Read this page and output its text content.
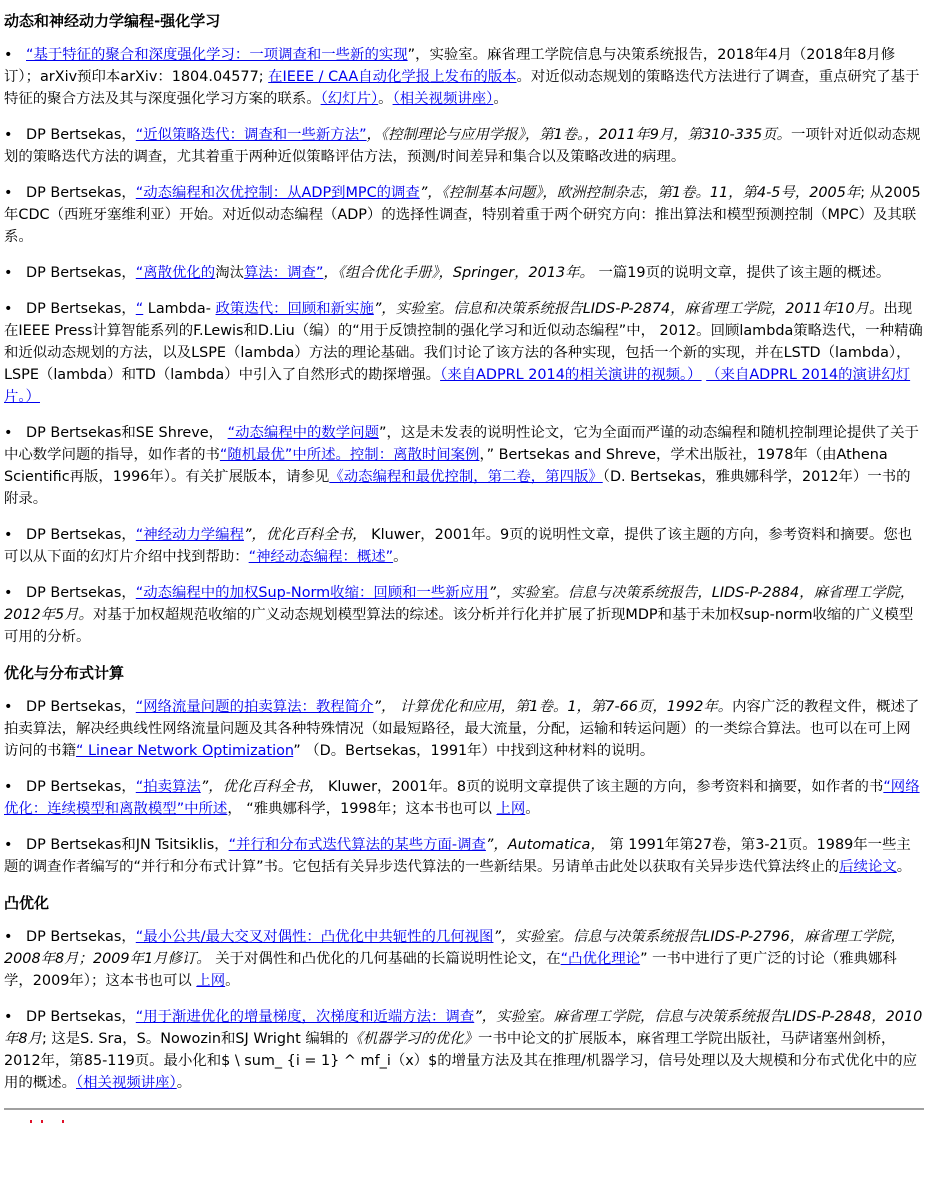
动态和神经动力学编程-强化学习
• “基于特征的聚合和深度强化学习：一项调查和一些新的实现”，实验室。麻省理工学院信息与决策系统报告，2018年4月（2018年8月修订）；arXiv预印本arXiv：1804.04577; 在IEEE / CAA自动化学报上发布的版本。对近似动态规划的策略迭代方法进行了调查，重点研究了基于特征的聚合方法及其与深度强化学习方案的联系。（幻灯片）。（相关视频讲座）。
• DP Bertsekas，“近似策略迭代：调查和一些新方法”，《控制理论与应用学报》，第1卷。，2011年9月，第310-335页。一项针对近似动态规划的策略迭代方法的调查，尤其着重于两种近似策略评估方法，预测/时间差异和集合以及策略改进的病理。
• DP Bertsekas，“动态编程和次优控制：从ADP到MPC的调查”，《控制基本问题》，欧洲控制杂志，第1卷。11，第4-5号，2005年; 从2005年CDC（西班牙塞维利亚）开始。对近似动态编程（ADP）的选择性调查，特别着重于两个研究方向：推出算法和模型预测控制（MPC）及其联系。
• DP Bertsekas，“离散优化的淘汰算法：调查”，《组合优化手册》，Springer，2013年。 一篇19页的说明文章，提供了该主题的概述。
• DP Bertsekas，“ Lambda- 政策迭代：回顾和新实施”，实验室。信息和决策系统报告LIDS-P-2874，麻省理工学院，2011年10月。出现在IEEE Press计算智能系列的F.Lewis和D.Liu（编）的“用于反馈控制的强化学习和近似动态编程”中， 2012。回顾lambda策略迭代，一种精确和近似动态规划的方法，以及LSPE（lambda）方法的理论基础。我们讨论了该方法的各种实现，包括一个新的实现，并在LSTD（lambda），LSPE（lambda）和TD（lambda）中引入了自然形式的勘探增强。（来自ADPRL 2014的相关演讲的视频。） （来自ADPRL 2014的演讲幻灯片。）
• DP Bertsekas和SE Shreve， “动态编程中的数学问题”，这是未发表的说明性论文，它为全面而严谨的动态编程和随机控制理论提供了关于中心数学问题的指导，如作者的书“随机最优”中所述。控制：离散时间案例，” Bertsekas and Shreve，学术出版社，1978年（由Athena Scientific再版，1996年）。有关扩展版本，请参见《动态编程和最优控制，第二卷，第四版》（D. Bertsekas，雅典娜科学，2012年）一书的附录。
• DP Bertsekas，“神经动力学编程”，优化百科全书， Kluwer，2001年。9页的说明性文章，提供了该主题的方向，参考资料和摘要。您也可以从下面的幻灯片介绍中找到帮助：“神经动态编程：概述”。
• DP Bertsekas，“动态编程中的加权Sup-Norm收缩：回顾和一些新应用”，实验室。信息与决策系统报告，LIDS-P-2884，麻省理工学院，2012年5月。对基于加权超规范收缩的广义动态规划模型算法的综述。该分析并行化并扩展了折现MDP和基于未加权sup-norm收缩的广义模型可用的分析。
优化与分布式计算
• DP Bertsekas，“网络流量问题的拍卖算法：教程简介”， 计算优化和应用，第1卷。1，第7-66页，1992年。内容广泛的教程文件，概述了拍卖算法，解决经典线性网络流量问题及其各种特殊情况（如最短路径，最大流量，分配，运输和转运问题）的一类综合算法。也可以在可上网访问的书籍“ Linear Network Optimization” （D。Bertsekas，1991年）中找到这种材料的说明。
• DP Bertsekas，“拍卖算法”，优化百科全书， Kluwer，2001年。8页的说明文章提供了该主题的方向，参考资料和摘要，如作者的书“网络优化：连续模型和离散模型”中所述， “雅典娜科学，1998年；这本书也可以 上网。
• DP Bertsekas和JN Tsitsiklis，“并行和分布式迭代算法的某些方面-调查”，Automatica， 第 1991年第27卷，第3-21页。1989年一些主题的调查作者编写的“并行和分布式计算”书。它包括有关异步迭代算法的一些新结果。另请单击此处以获取有关异步迭代算法终止的后续论文。
凸优化
• DP Bertsekas，“最小公共/最大交叉对偶性：凸优化中共轭性的几何视图”，实验室。信息与决策系统报告LIDS-P-2796，麻省理工学院，2008年8月；2009年1月修订。 关于对偶性和凸优化的几何基础的长篇说明性论文，在“凸优化理论” 一书中进行了更广泛的讨论（雅典娜科学，2009年）；这本书也可以 上网。
• DP Bertsekas，“用于渐进优化的增量梯度，次梯度和近端方法：调查”，实验室。麻省理工学院，信息与决策系统报告LIDS-P-2848，2010年8月; 这是S. Sra，S。Nowozin和SJ Wright 编辑的《机器学习的优化》一书中论文的扩展版本，麻省理工学院出版社，马萨诸塞州剑桥，2012年，第85-119页。最小化和$ \ sum_ {i = 1} ^ mf_i（x）$的增量方法及其在推理/机器学习，信号处理以及大规模和分布式优化中的应用的概述。（相关视频讲座）。
